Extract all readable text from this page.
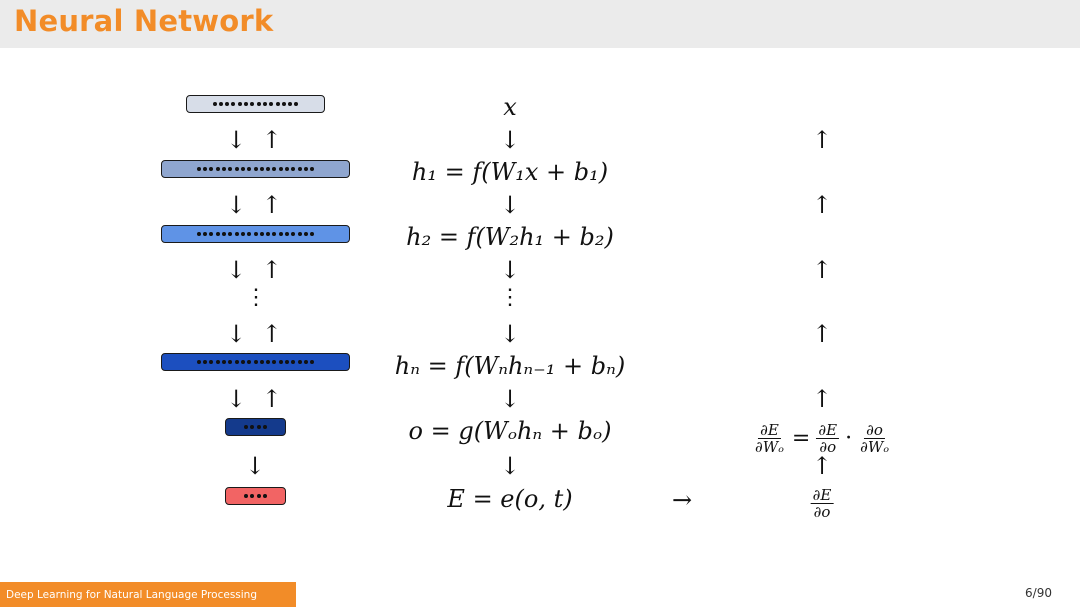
Neural Network
↓ ↑
↓ ↑
↓ ↑
⋮
↓ ↑
↓ ↑
↓
x
↓
h₁ = f(W₁x + b₁)
↓
h₂ = f(W₂h₁ + b₂)
↓
⋮
↓
hₙ = f(Wₙhₙ₋₁ + bₙ)
↓
o = g(Wₒhₙ + bₒ)
↓
E = e(o, t)	→
↑
↑
↑
↑
↑
$\frac{\partial E}{\text{∂Wₒ}} = \frac{\partial E}{\partial o} \cdot \frac{\partial o}{\text{∂Wₒ}}$
↑
$\frac{\partial E}{\partial o}$
Deep Learning for Natural Language Processing	6/90
